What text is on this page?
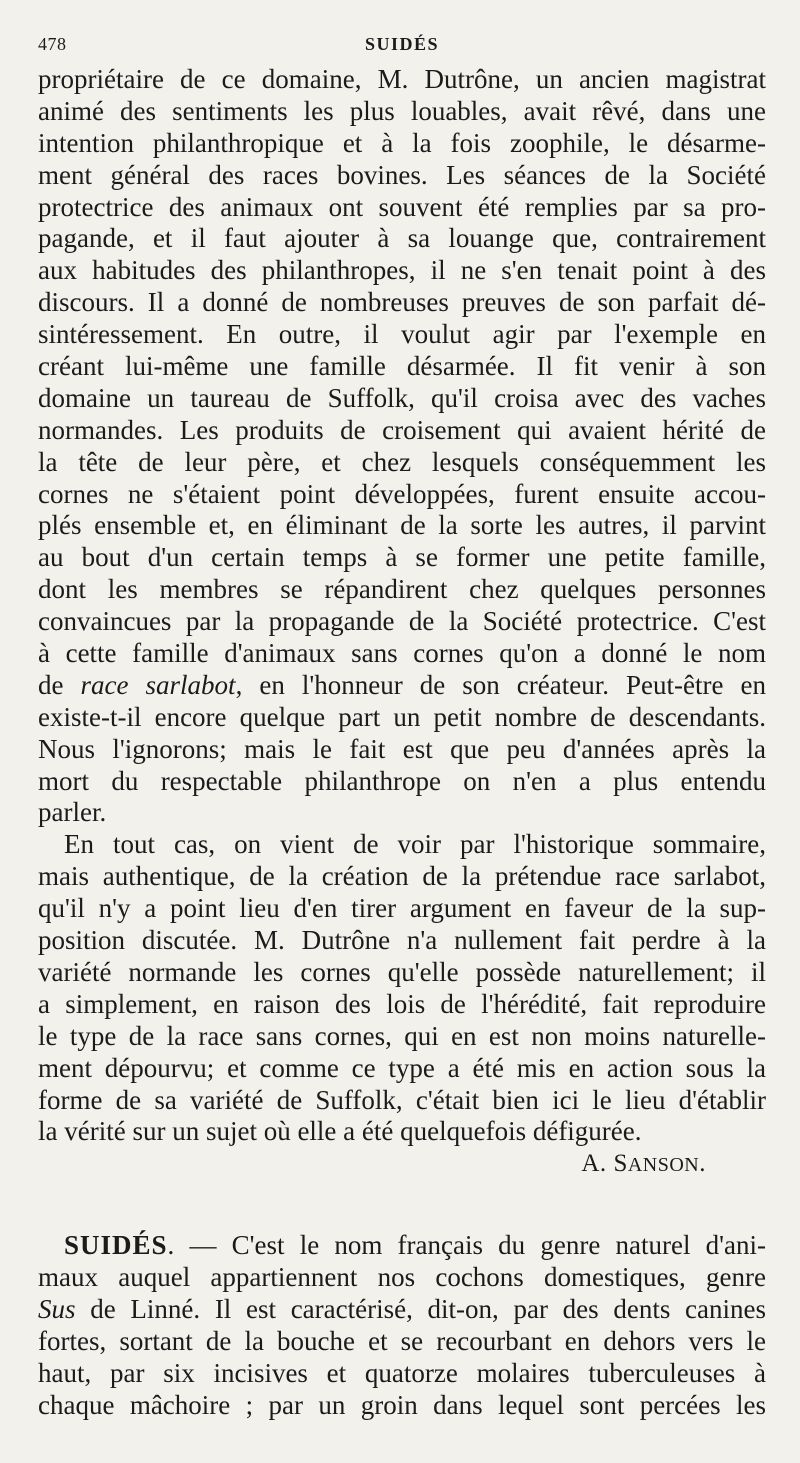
478	SUIDÉS
propriétaire de ce domaine, M. Dutrône, un ancien magistrat
animé des sentiments les plus louables, avait rêvé, dans une
intention philanthropique et à la fois zoophile, le désarme-
ment général des races bovines. Les séances de la Société
protectrice des animaux ont souvent été remplies par sa pro-
pagande, et il faut ajouter à sa louange que, contrairement
aux habitudes des philanthropes, il ne s'en tenait point à des
discours. Il a donné de nombreuses preuves de son parfait dé-
sintéressement. En outre, il voulut agir par l'exemple en
créant lui-même une famille désarmée. Il fit venir à son
domaine un taureau de Suffolk, qu'il croisa avec des vaches
normandes. Les produits de croisement qui avaient hérité de
la tête de leur père, et chez lesquels conséquemment les
cornes ne s'étaient point développées, furent ensuite accou-
plés ensemble et, en éliminant de la sorte les autres, il parvint
au bout d'un certain temps à se former une petite famille,
dont les membres se répandirent chez quelques personnes
convaincues par la propagande de la Société protectrice. C'est
à cette famille d'animaux sans cornes qu'on a donné le nom
de race sarlabot, en l'honneur de son créateur. Peut-être en
existe-t-il encore quelque part un petit nombre de descendants.
Nous l'ignorons; mais le fait est que peu d'années après la
mort du respectable philanthrope on n'en a plus entendu
parler.
En tout cas, on vient de voir par l'historique sommaire,
mais authentique, de la création de la prétendue race sarlabot,
qu'il n'y a point lieu d'en tirer argument en faveur de la sup-
position discutée. M. Dutrône n'a nullement fait perdre à la
variété normande les cornes qu'elle possède naturellement; il
a simplement, en raison des lois de l'hérédité, fait reproduire
le type de la race sans cornes, qui en est non moins naturelle-
ment dépourvu; et comme ce type a été mis en action sous la
forme de sa variété de Suffolk, c'était bien ici le lieu d'établir
la vérité sur un sujet où elle a été quelquefois défigurée.
A. SANSON.
SUIDÉS. — C'est le nom français du genre naturel d'ani-
maux auquel appartiennent nos cochons domestiques, genre
Sus de Linné. Il est caractérisé, dit-on, par des dents canines
fortes, sortant de la bouche et se recourbant en dehors vers le
haut, par six incisives et quatorze molaires tuberculeuses à
chaque mâchoire ; par un groin dans lequel sont percées les
